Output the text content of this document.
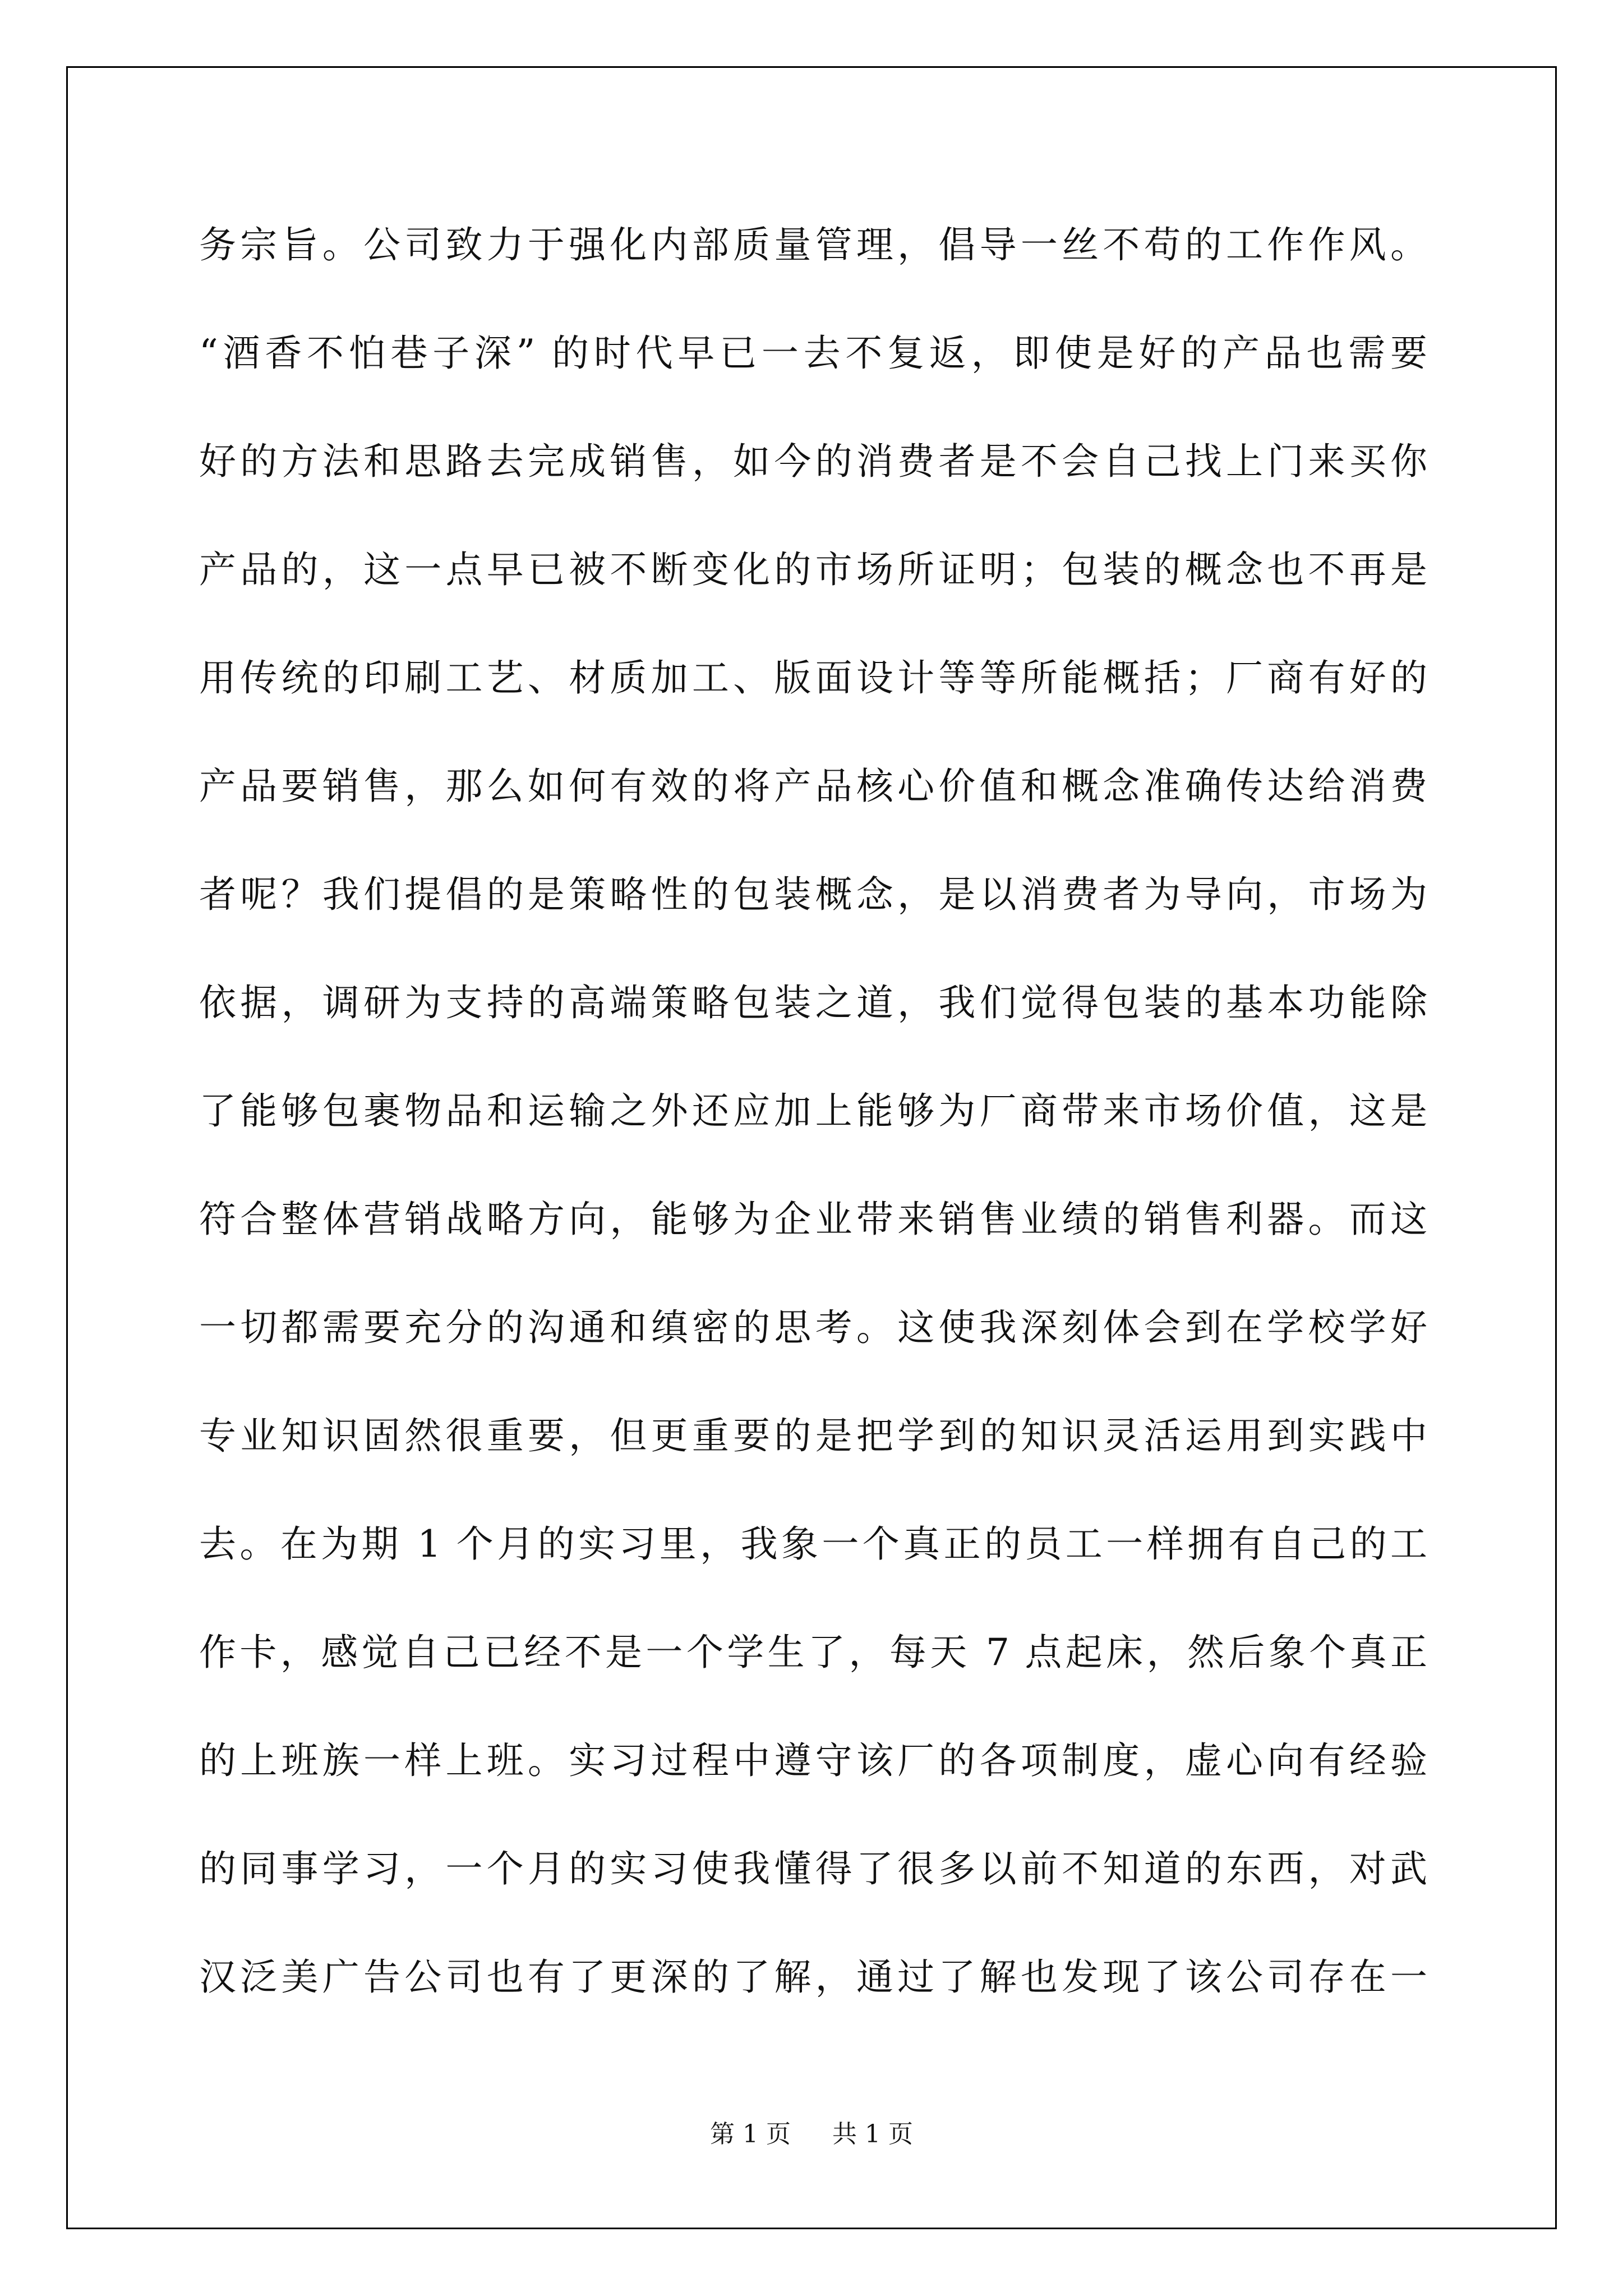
务宗旨。公司致力于强化内部质量管理，倡导一丝不苟的工作作风。
“酒香不怕巷子深” 的时代早已一去不复返，即使是好的产品也需要
好的方法和思路去完成销售，如今的消费者是不会自己找上门来买你
产品的，这一点早已被不断变化的市场所证明；包装的概念也不再是
用传统的印刷工艺、材质加工、版面设计等等所能概括；厂商有好的
产品要销售，那么如何有效的将产品核心价值和概念准确传达给消费
者呢？我们提倡的是策略性的包装概念，是以消费者为导向，市场为
依据，调研为支持的高端策略包装之道，我们觉得包装的基本功能除
了能够包裹物品和运输之外还应加上能够为厂商带来市场价值，这是
符合整体营销战略方向，能够为企业带来销售业绩的销售利器。而这
一切都需要充分的沟通和缜密的思考。这使我深刻体会到在学校学好
专业知识固然很重要，但更重要的是把学到的知识灵活运用到实践中
去。在为期 1 个月的实习里，我象一个真正的员工一样拥有自己的工
作卡，感觉自己已经不是一个学生了，每天 7 点起床，然后象个真正
的上班族一样上班。实习过程中遵守该厂的各项制度，虚心向有经验
的同事学习，一个月的实习使我懂得了很多以前不知道的东西，对武
汉泛美广告公司也有了更深的了解，通过了解也发现了该公司存在一
第 1 页 共 1 页
